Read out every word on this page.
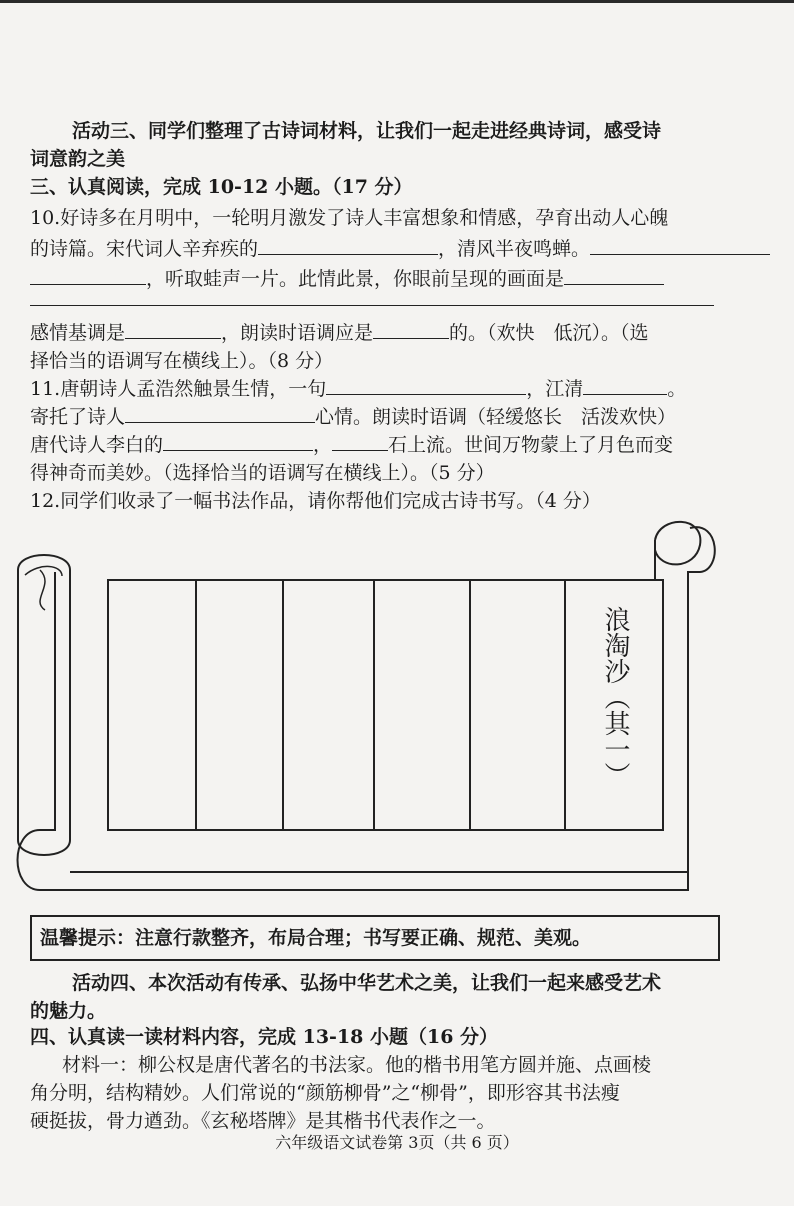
活动三、同学们整理了古诗词材料，让我们一起走进经典诗词，感受诗
词意韵之美
三、认真阅读，完成 10-12 小题。（17 分）
10.好诗多在月明中，一轮明月激发了诗人丰富想象和情感，孕育出动人心魄
的诗篇。宋代词人辛弃疾的	，清风半夜鸣蝉。
，听取蛙声一片。此情此景，你眼前呈现的画面是
感情基调是	，朗读时语调应是	的。（欢快　低沉）。（选
择恰当的语调写在横线上）。（8 分）
11.唐朝诗人孟浩然触景生情，一句	，江清	。
寄托了诗人	心情。朗读时语调（轻缓悠长　活泼欢快）
唐代诗人李白的	，	石上流。世间万物蒙上了月色而变
得神奇而美妙。（选择恰当的语调写在横线上）。（5 分）
12.同学们收录了一幅书法作品，请你帮他们完成古诗书写。（4 分）
浪淘沙（其一）
温馨提示：注意行款整齐，布局合理；书写要正确、规范、美观。
活动四、本次活动有传承、弘扬中华艺术之美，让我们一起来感受艺术
的魅力。
四、认真读一读材料内容，完成 13-18 小题（16 分）
材料一：柳公权是唐代著名的书法家。他的楷书用笔方圆并施、点画棱
角分明，结构精妙。人们常说的“颜筋柳骨”之“柳骨”，即形容其书法瘦
硬挺拔，骨力遒劲。《玄秘塔牌》是其楷书代表作之一。
六年级语文试卷第 3页（共 6 页）
